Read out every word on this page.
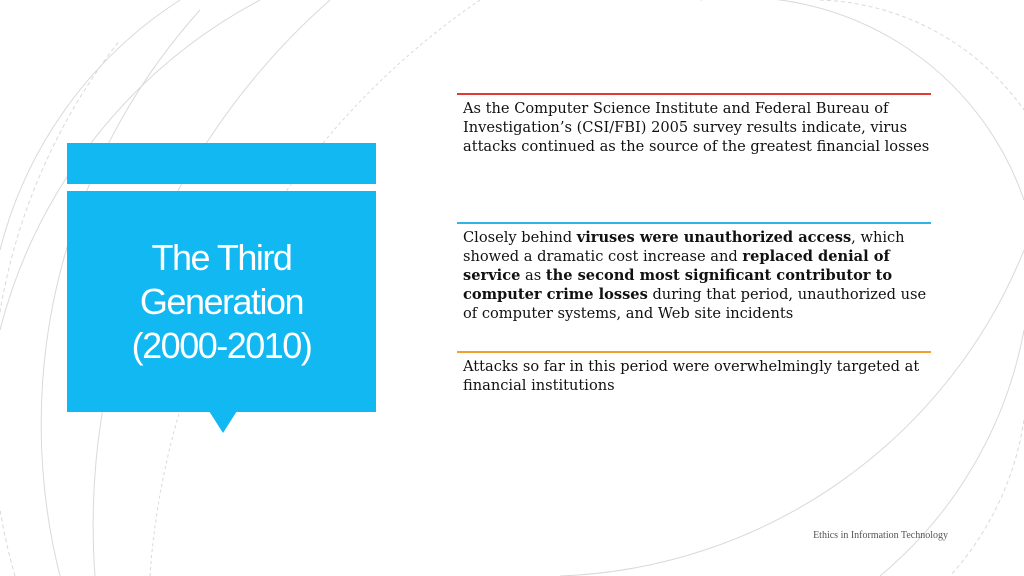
The Third
Generation
(2000-2010)

As the Computer Science Institute and Federal Bureau of Investigation’s (CSI/FBI) 2005 survey results indicate, virus attacks continued as the source of the greatest financial losses

Closely behind viruses were unauthorized access, which showed a dramatic cost increase and replaced denial of service as the second most significant contributor to computer crime losses during that period, unauthorized use of computer systems, and Web site incidents

Attacks so far in this period were overwhelmingly targeted at financial institutions

Ethics in Information Technology
